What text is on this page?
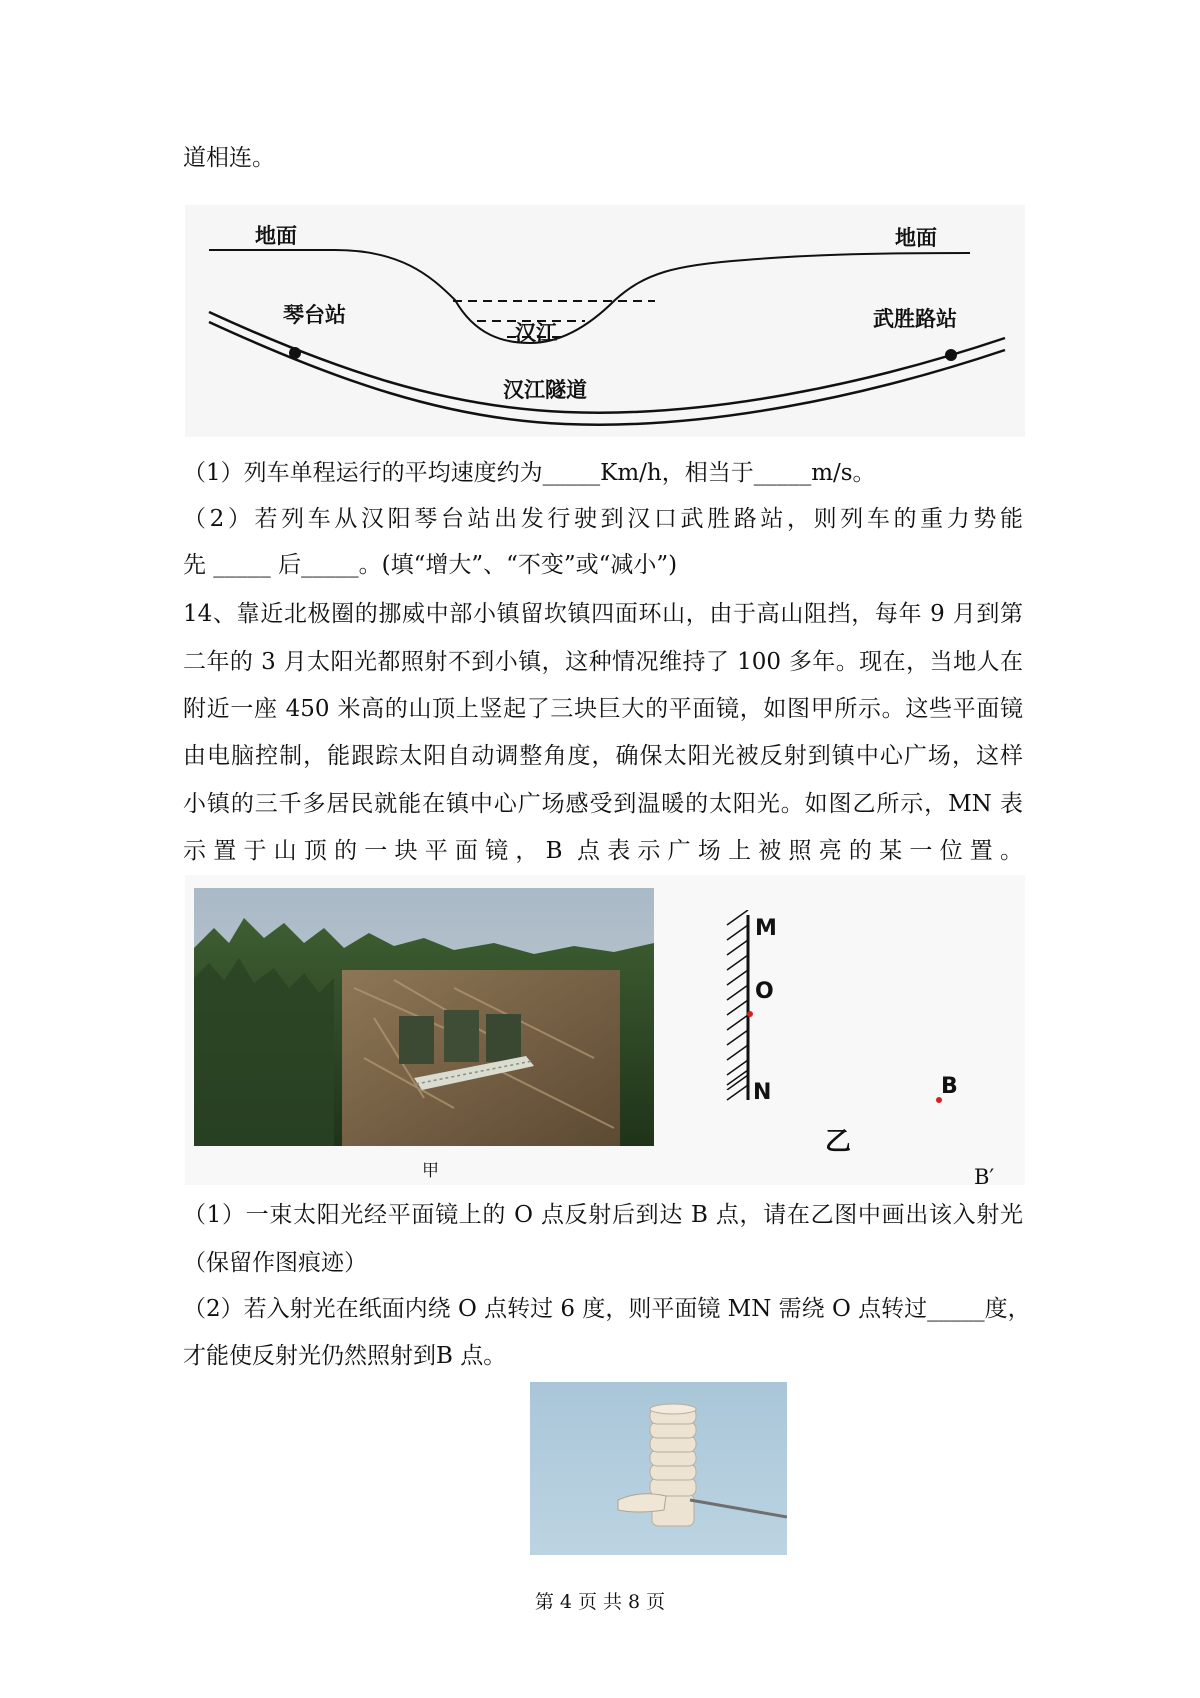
道相连。
地面	地面
琴台站
汉江
武胜路站
汉江隧道
（1）列车单程运行的平均速度约为_____Km/h，相当于_____m/s。
（2）若列车从汉阳琴台站出发行驶到汉口武胜路站，则列车的重力势能
先 _____ 后_____。(填“增大”、“不变”或“减小”)
14、靠近北极圈的挪威中部小镇留坎镇四面环山，由于高山阻挡，每年 9 月到第
二年的 3 月太阳光都照射不到小镇，这种情况维持了 100 多年。现在，当地人在
附近一座 450 米高的山顶上竖起了三块巨大的平面镜，如图甲所示。这些平面镜
由电脑控制，能跟踪太阳自动调整角度，确保太阳光被反射到镇中心广场，这样
小镇的三千多居民就能在镇中心广场感受到温暖的太阳光。如图乙所示，MN 表
示置于山顶的一块平面镜，B 点表示广场上被照亮的某一位置。
甲
M
O
N	B
乙
B′
（1）一束太阳光经平面镜上的 O 点反射后到达 B 点，请在乙图中画出该入射光
（保留作图痕迹）
（2）若入射光在纸面内绕 O 点转过 6 度，则平面镜 MN 需绕 O 点转过_____度，
才能使反射光仍然照射到B 点。
第 4 页 共 8 页
